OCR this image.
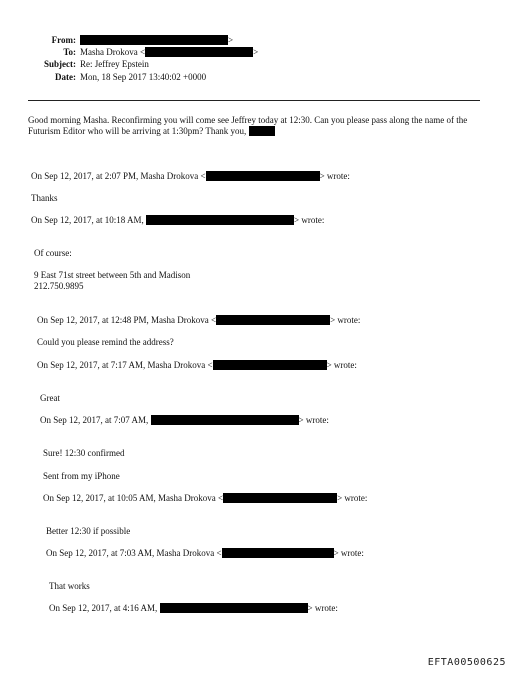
From:	>
To: Masha Drokova <	>
Subject: Re: Jeffrey Epstein
Date: Mon, 18 Sep 2017 13:40:02 +0000
Good morning Masha. Reconfirming you will come see Jeffrey today at 12:30. Can you please pass along the name of the Futurism Editor who will be arriving at 1:30pm? Thank you,
On Sep 12, 2017, at 2:07 PM, Masha Drokova <	> wrote:
Thanks
On Sep 12, 2017, at 10:18 AM,	> wrote:
Of course:
9 East 71st street between 5th and Madison
212.750.9895
On Sep 12, 2017, at 12:48 PM, Masha Drokova <	> wrote:
Could you please remind the address?
On Sep 12, 2017, at 7:17 AM, Masha Drokova <	> wrote:
Great
On Sep 12, 2017, at 7:07 AM,	> wrote:
Sure! 12:30 confirmed
Sent from my iPhone
On Sep 12, 2017, at 10:05 AM, Masha Drokova <	> wrote:
Better 12:30 if possible
On Sep 12, 2017, at 7:03 AM, Masha Drokova <	> wrote:
That works
On Sep 12, 2017, at 4:16 AM,	> wrote:
EFTA00500625
